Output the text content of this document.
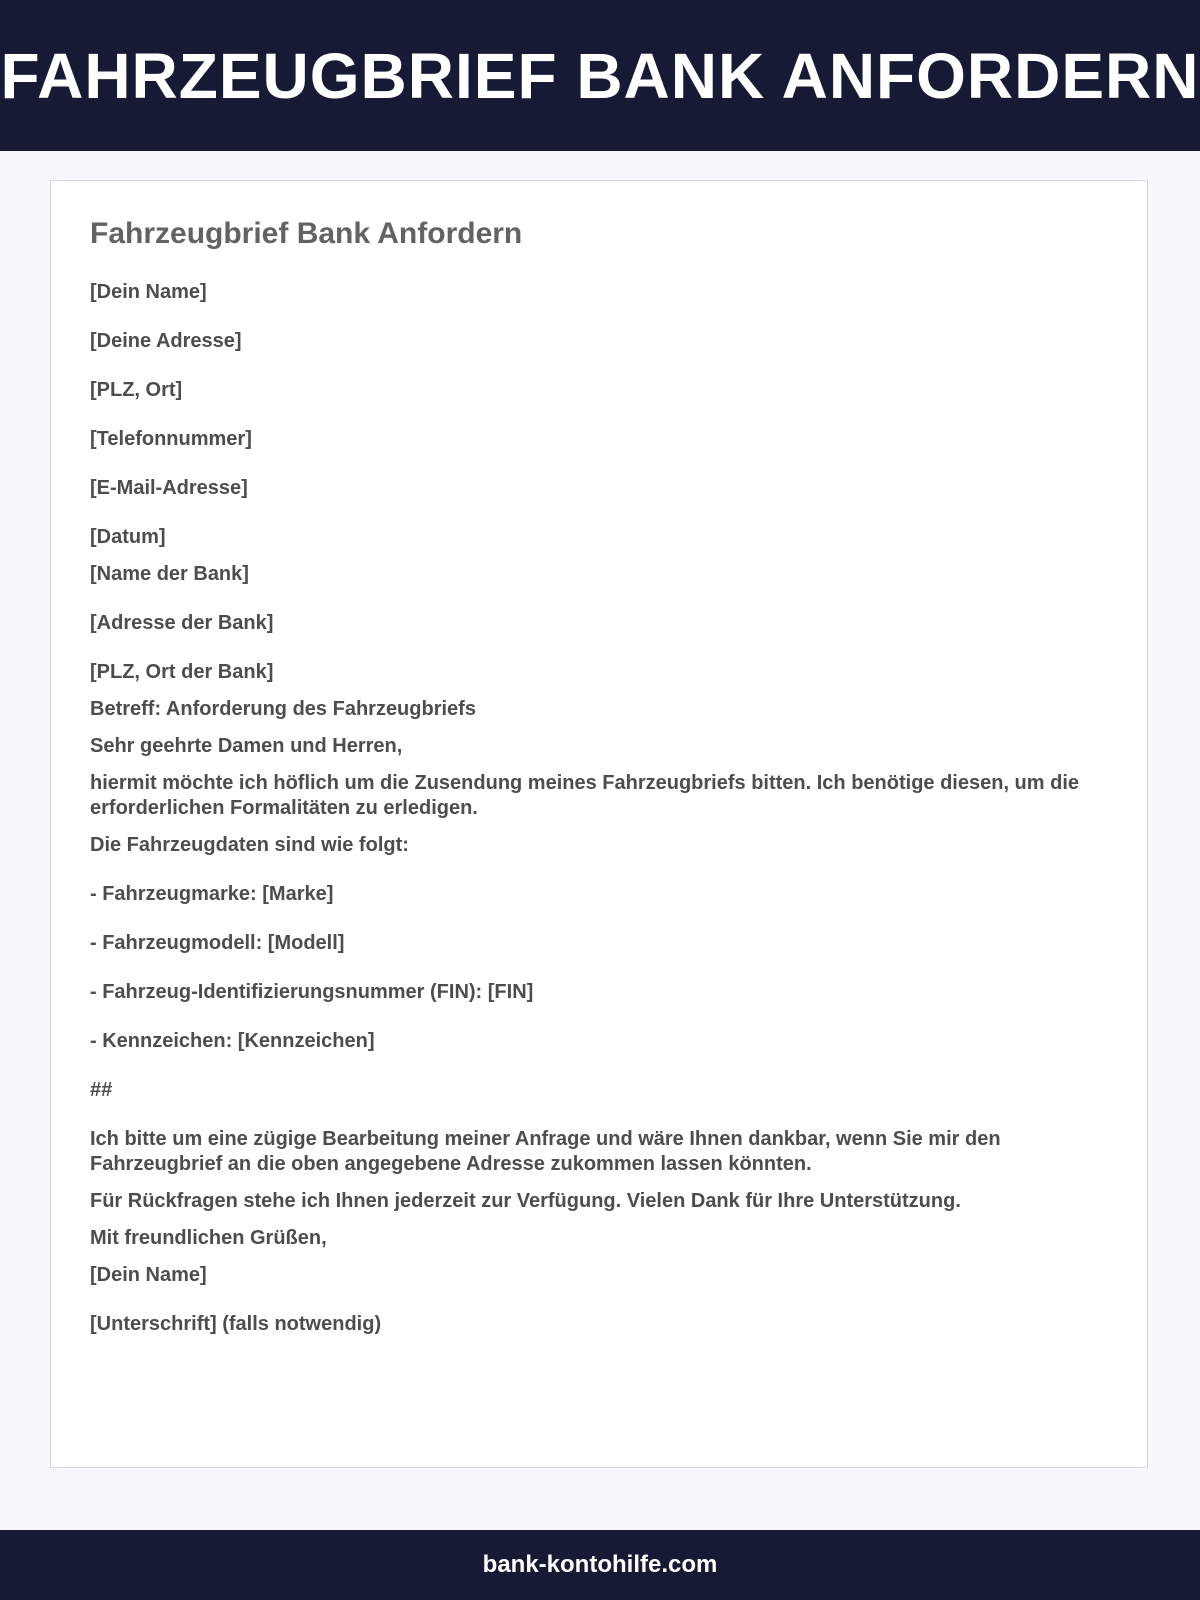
FAHRZEUGBRIEF BANK ANFORDERN
Fahrzeugbrief Bank Anfordern
[Dein Name]
[Deine Adresse]
[PLZ, Ort]
[Telefonnummer]
[E-Mail-Adresse]
[Datum]
[Name der Bank]
[Adresse der Bank]
[PLZ, Ort der Bank]
Betreff: Anforderung des Fahrzeugbriefs
Sehr geehrte Damen und Herren,
hiermit möchte ich höflich um die Zusendung meines Fahrzeugbriefs bitten. Ich benötige diesen, um die erforderlichen Formalitäten zu erledigen.
Die Fahrzeugdaten sind wie folgt:
- Fahrzeugmarke: [Marke]
- Fahrzeugmodell: [Modell]
- Fahrzeug-Identifizierungsnummer (FIN): [FIN]
- Kennzeichen: [Kennzeichen]
##
Ich bitte um eine zügige Bearbeitung meiner Anfrage und wäre Ihnen dankbar, wenn Sie mir den Fahrzeugbrief an die oben angegebene Adresse zukommen lassen könnten.
Für Rückfragen stehe ich Ihnen jederzeit zur Verfügung. Vielen Dank für Ihre Unterstützung.
Mit freundlichen Grüßen,
[Dein Name]
[Unterschrift] (falls notwendig)
bank-kontohilfe.com
